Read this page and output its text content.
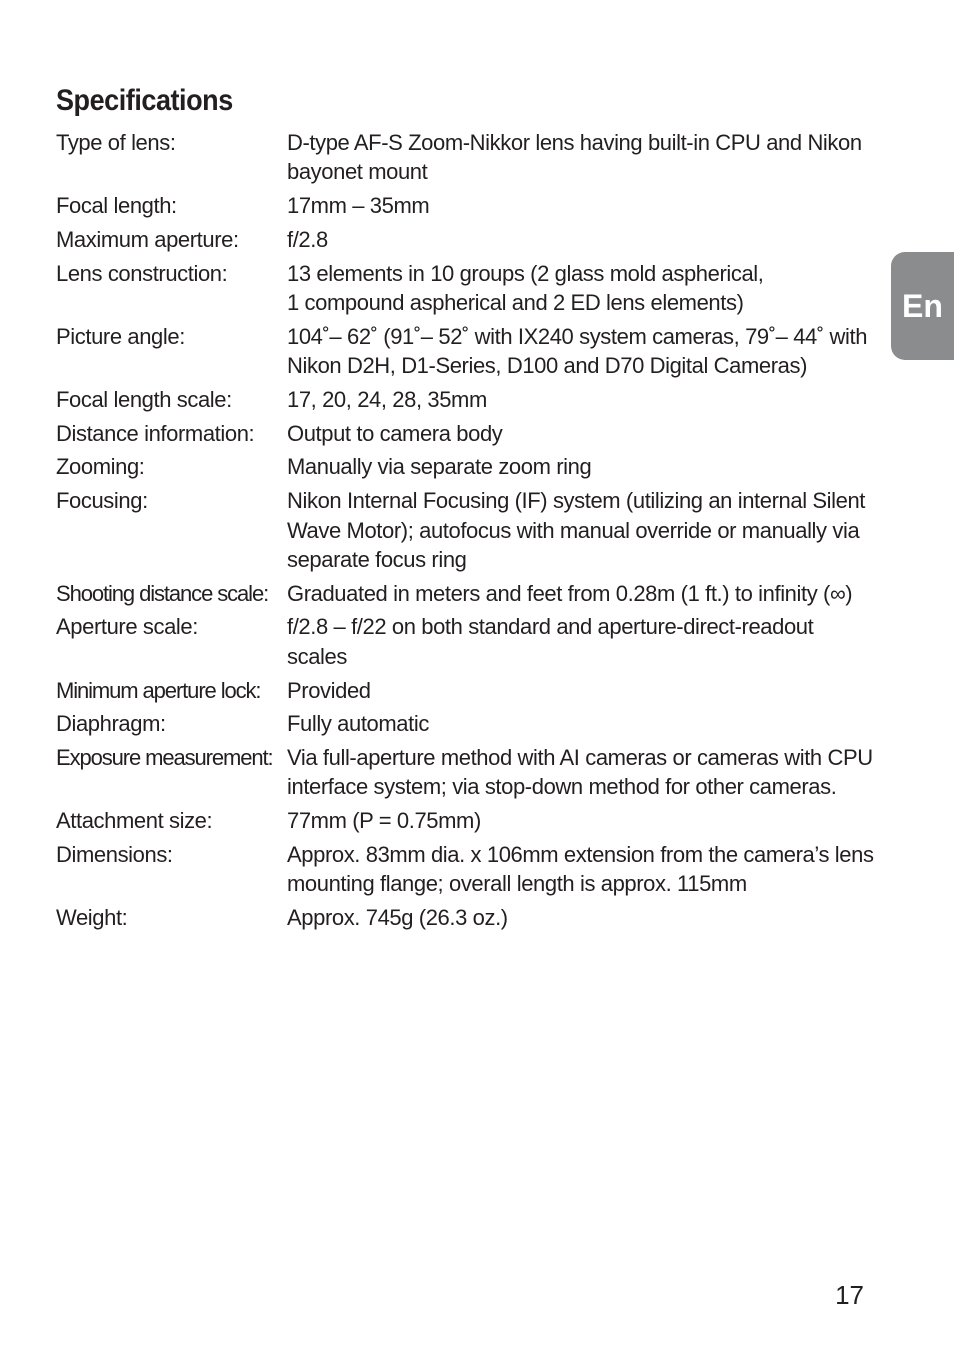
Specifications
Type of lens:	D-type AF-S Zoom-Nikkor lens having built-in CPU and Nikon
bayonet mount
Focal length:	17mm – 35mm
Maximum aperture:	f/2.8
Lens construction:	13 elements in 10 groups (2 glass mold aspherical,
1 compound aspherical and 2 ED lens elements)
Picture angle:	104˚– 62˚ (91˚– 52˚ with IX240 system cameras, 79˚– 44˚ with
Nikon D2H, D1-Series, D100 and D70 Digital Cameras)
Focal length scale:	17, 20, 24, 28, 35mm
Distance information:	Output to camera body
Zooming:	Manually via separate zoom ring
Focusing:	Nikon Internal Focusing (IF) system (utilizing an internal Silent
Wave Motor); autofocus with manual override or manually via
separate focus ring
Shooting distance scale: Graduated in meters and feet from 0.28m (1 ft.) to infinity (∞)
Aperture scale:	f/2.8 – f/22 on both standard and aperture-direct-readout scales
Minimum aperture lock:	Provided
Diaphragm:	Fully automatic
Exposure measurement: Via full-aperture method with AI cameras or cameras with CPU
interface system; via stop-down method for other cameras.
Attachment size:	77mm (P = 0.75mm)
Dimensions:	Approx. 83mm dia. x 106mm extension from the camera’s lens
mounting flange; overall length is approx. 115mm
Weight:	Approx. 745g (26.3 oz.)
En
17
